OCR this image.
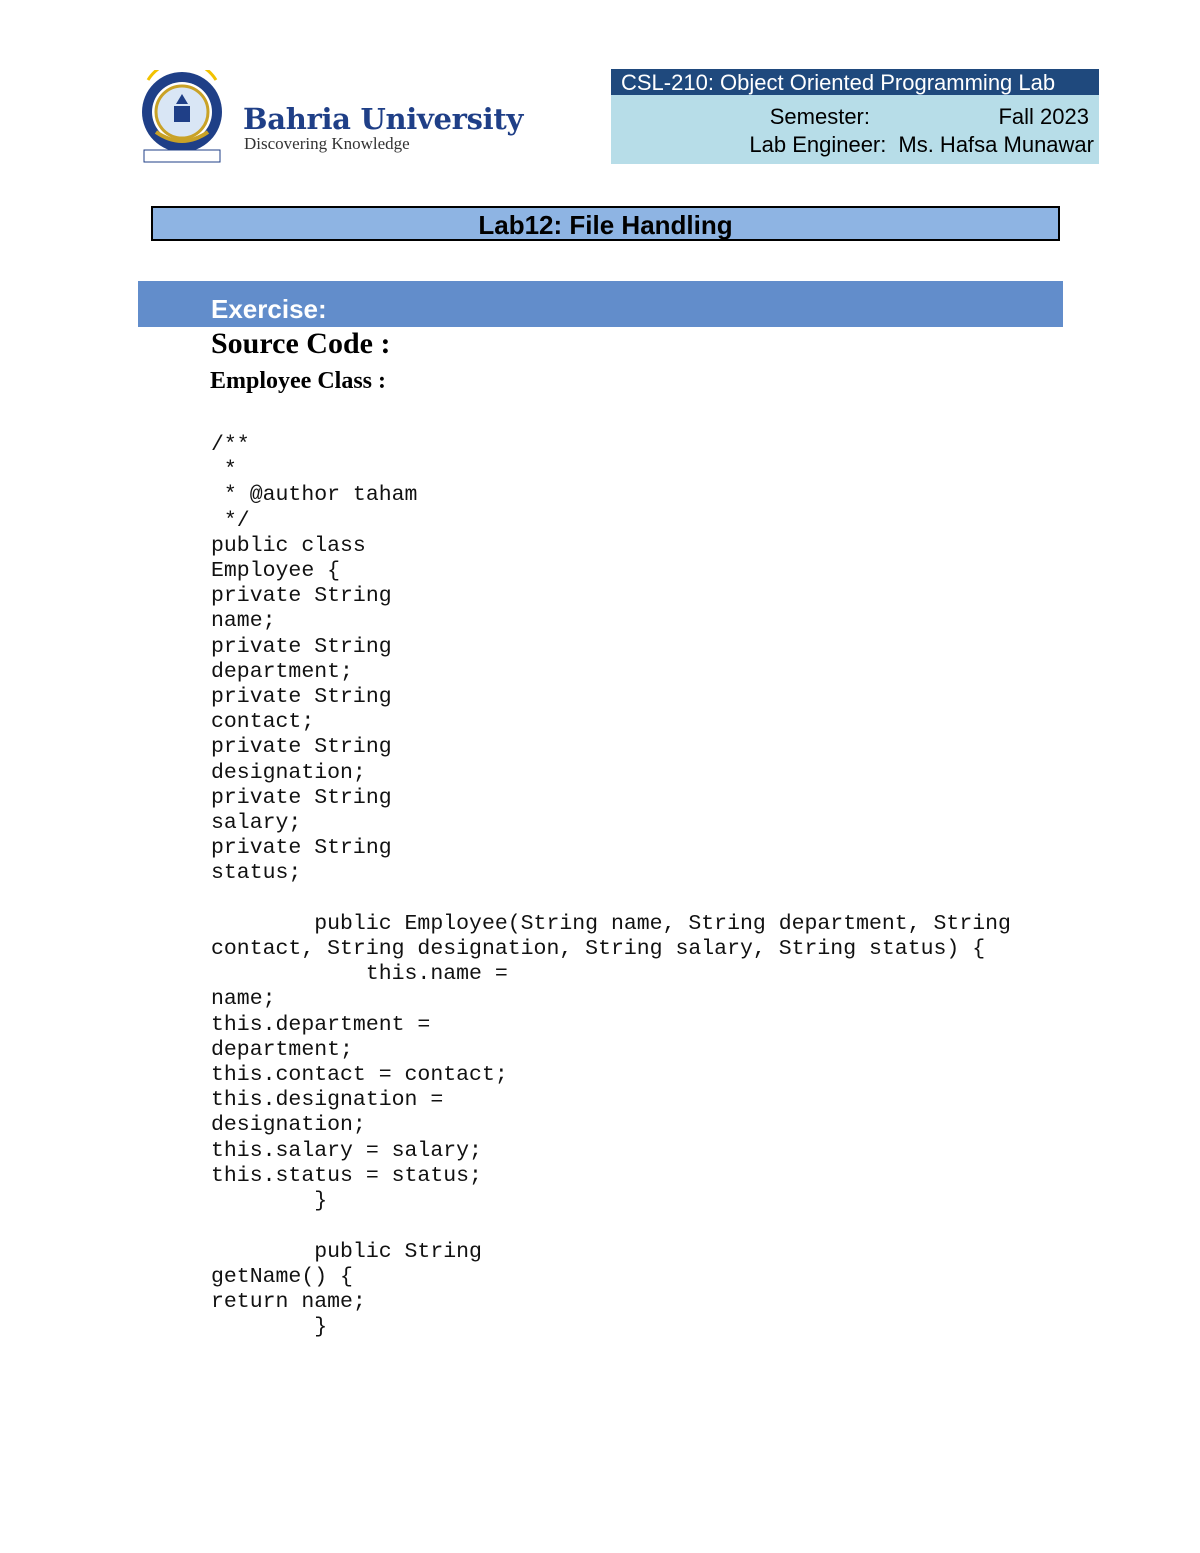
Bahria University
Discovering Knowledge
CSL-210: Object Oriented Programming Lab
Semester:	Fall 2023
Lab Engineer: Ms. Hafsa Munawar
Lab12: File Handling
Exercise:
Source Code :
Employee Class :
/**
*
* @author taham
*/
public class
Employee {
private String
name;
private String
department;
private String
contact;
private String
designation;
private String
salary;
private String
status;

public Employee(String name, String department, String
contact, String designation, String salary, String status) {
this.name =
name;
this.department =
department;
this.contact = contact;
this.designation =
designation;
this.salary = salary;
this.status = status;
}

public String
getName() {
return name;
}
